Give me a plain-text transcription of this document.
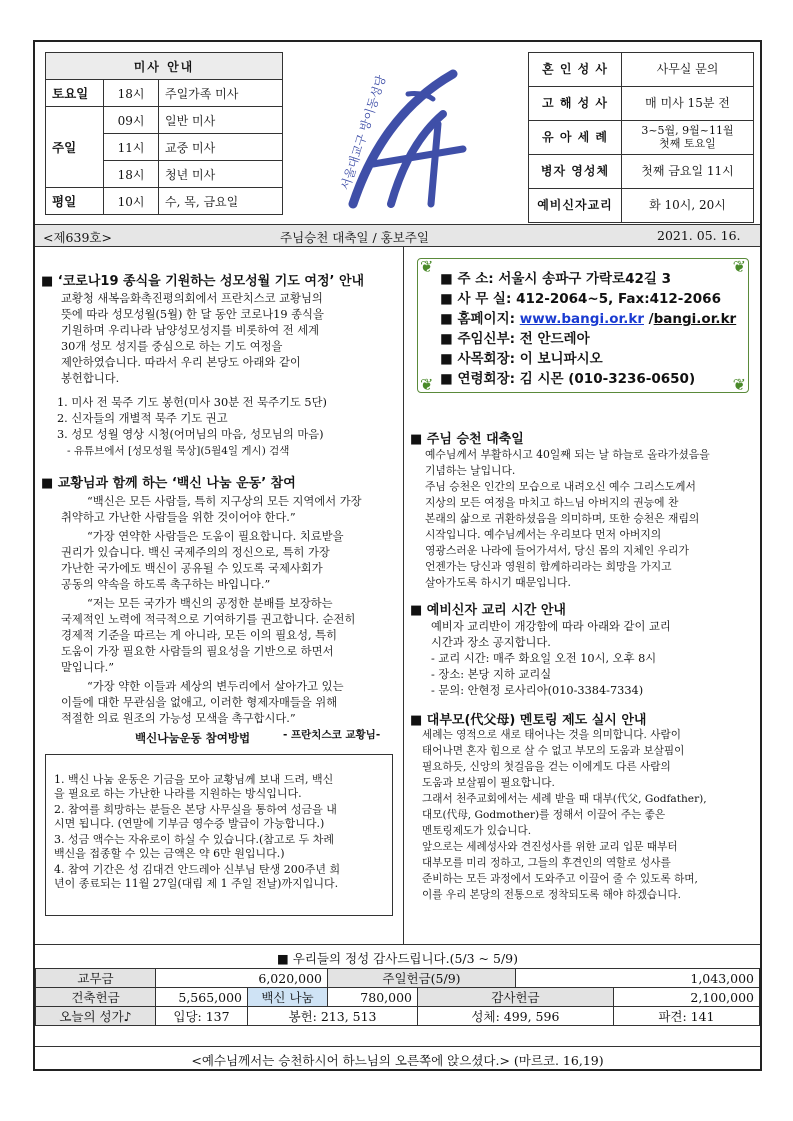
미사 안내		
토요일	18시	주일가족 미사
주일	09시	일반 미사
	11시	교중 미사
	18시	청년 미사
평일	10시	수, 목, 금요일
서울대교구 방이동성당
혼 인 성 사	사무실 문의
고 해 성 사	매 미사 15분 전
유 아 세 례	3~5월, 9월~11월
첫째 토요일

병자 영성체	첫째 금요일 11시
예비신자교리	화 10시, 20시
<제639호>	주님승천 대축일 / 홍보주일	2021. 05. 16.
■ ‘코로나19 종식을 기원하는 성모성월 기도 여정’ 안내
교황청 새복음화촉진평의회에서 프란치스코 교황님의
뜻에 따라 성모성월(5월) 한 달 동안 코로나19 종식을
기원하며 우리나라 남양성모성지를 비롯하여 전 세계
30개 성모 성지를 중심으로 하는 기도 여정을
제안하였습니다. 따라서 우리 본당도 아래와 같이
봉헌합니다.
1. 미사 전 묵주 기도 봉헌(미사 30분 전 묵주기도 5단)
2. 신자들의 개별적 묵주 기도 권고
3. 성모 성월 영상 시청(어머님의 마음, 성모님의 마음)
- 유튜브에서 [성모성월 묵상](5월4일 게시) 검색
■ 교황님과 함께 하는 ‘백신 나눔 운동’ 참여
“백신은 모든 사람들, 특히 지구상의 모든 지역에서 가장
취약하고 가난한 사람들을 위한 것이어야 한다.”
“가장 연약한 사람들은 도움이 필요합니다. 치료받을
권리가 있습니다. 백신 국제주의의 정신으로, 특히 가장
가난한 국가에도 백신이 공유될 수 있도록 국제사회가
공동의 약속을 하도록 촉구하는 바입니다.”
“저는 모든 국가가 백신의 공정한 분배를 보장하는
국제적인 노력에 적극적으로 기여하기를 권고합니다. 순전히
경제적 기준을 따르는 게 아니라, 모든 이의 필요성, 특히
도움이 가장 필요한 사람들의 필요성을 기반으로 하면서
말입니다.”
“가장 약한 이들과 세상의 변두리에서 살아가고 있는
이들에 대한 무관심을 없애고, 이러한 형제자매들을 위해
적절한 의료 원조의 가능성 모색을 촉구합시다.”
- 프란치스코 교황님-
백신나눔운동 참여방법
1. 백신 나눔 운동은 기금을 모아 교황님께 보내 드려, 백신
을 필요로 하는 가난한 나라를 지원하는 방식입니다.
2. 참여를 희망하는 분들은 본당 사무실을 통하여 성금을 내
시면 됩니다. (연말에 기부금 영수증 발급이 가능합니다.)
3. 성금 액수는 자유로이 하실 수 있습니다.(참고로 두 차례
백신을 접종할 수 있는 금액은 약 6만 원입니다.)
4. 참여 기간은 성 김대건 안드레아 신부님 탄생 200주년 희
년이 종료되는 11월 27일(대림 제 1 주일 전날)까지입니다.
❦	❦
❦	❦
■ 주 소: 서울시 송파구 가락로42길 3
■ 사 무 실: 412-2064~5, Fax:412-2066
■ 홈페이지: www.bangi.or.kr /bangi.or.kr
■ 주임신부: 전 안드레아
■ 사목회장: 이 보니파시오
■ 연령회장: 김 시몬 (010-3236-0650)
■ 주님 승천 대축일
예수님께서 부활하시고 40일째 되는 날 하늘로 올라가셨음을
기념하는 날입니다.
주님 승천은 인간의 모습으로 내려오신 예수 그리스도께서
지상의 모든 여정을 마치고 하느님 아버지의 권능에 찬
본래의 삶으로 귀환하셨음을 의미하며, 또한 승천은 재림의
시작입니다. 예수님께서는 우리보다 먼저 아버지의
영광스러운 나라에 들어가셔서, 당신 몸의 지체인 우리가
언젠가는 당신과 영원히 함께하리라는 희망을 가지고
살아가도록 하시기 때문입니다.
■ 예비신자 교리 시간 안내
예비자 교리반이 개강함에 따라 아래와 같이 교리
시간과 장소 공지합니다.
- 교리 시간: 매주 화요일 오전 10시, 오후 8시
- 장소: 본당 지하 교리실
- 문의: 안현정 로사리아(010-3384-7334)
■ 대부모(代父母) 멘토링 제도 실시 안내
세례는 영적으로 새로 태어나는 것을 의미합니다. 사람이
태어나면 혼자 힘으로 살 수 없고 부모의 도움과 보살핌이
필요하듯, 신앙의 첫걸음을 걷는 이에게도 다른 사람의
도움과 보살핌이 필요합니다.
그래서 천주교회에서는 세례 받을 때 대부(代父, Godfather),
대모(代母, Godmother)를 정해서 이끌어 주는 좋은
멘토링제도가 있습니다.
앞으로는 세례성사와 견진성사를 위한 교리 입문 때부터
대부모를 미리 정하고, 그들의 후견인의 역할로 성사를
준비하는 모든 과정에서 도와주고 이끌어 줄 수 있도록 하며,
이를 우리 본당의 전통으로 정착되도록 해야 하겠습니다.
■ 우리들의 정성 감사드립니다.(5/3 ~ 5/9)
교무금	6,020,000		주일헌금(5/9)		1,043,000	
건축헌금	5,565,000	백신 나눔	780,000	감사헌금		2,100,000
오늘의 성가♪	입당: 137	봉헌: 213, 513		성체: 499, 596		파견: 141
<예수님께서는 승천하시어 하느님의 오른쪽에 앉으셨다.> (마르코. 16,19)
